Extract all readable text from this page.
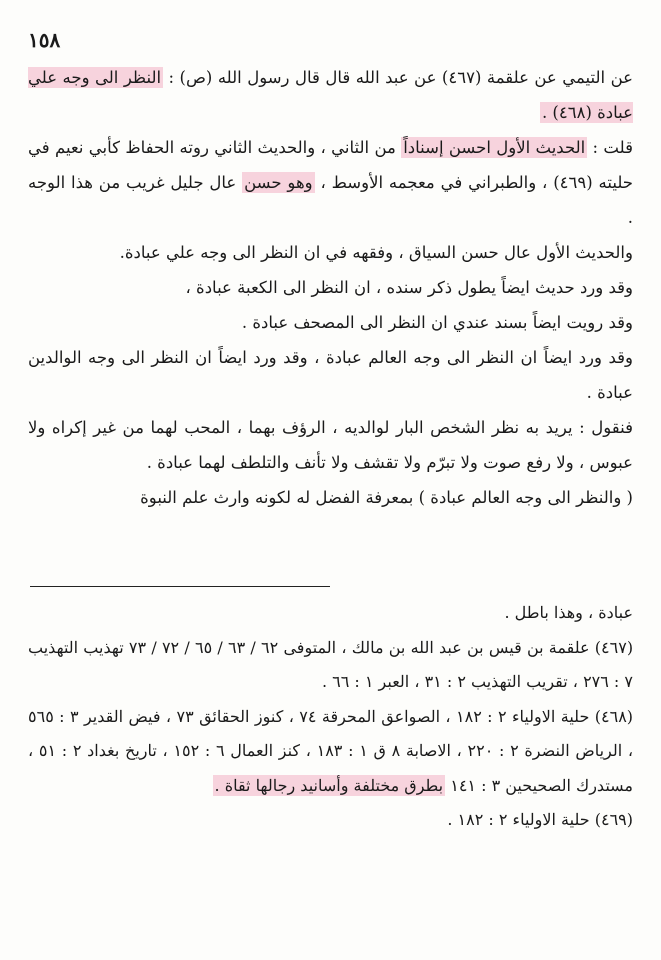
١٥٨

عن التيمي عن علقمة (٤٦٧) عن عبد الله قال قال رسول الله (ص) : النظر الى وجه علي عبادة (٤٦٨) .

قلت : الحديث الأول احسن إسناداً من الثاني ، والحديث الثاني روته الحفاظ كأبي نعيم في حليته (٤٦٩) ، والطبراني في معجمه الأوسط ، وهو حسن عال جليل غريب من هذا الوجه .

والحديث الأول عال حسن السياق ، وفقهه في ان النظر الى وجه علي عبادة.

وقد ورد حديث ايضاً يطول ذكر سنده ، ان النظر الى الكعبة عبادة ،

وقد رويت ايضاً بسند عندي ان النظر الى المصحف عبادة .

وقد ورد ايضاً ان النظر الى وجه العالم عبادة ، وقد ورد ايضاً ان النظر الى وجه الوالدين عبادة .

فنقول : يريد به نظر الشخص البار لوالديه ، الرؤف بهما ، المحب لهما من غير إكراه ولا عبوس ، ولا رفع صوت ولا تبرّم ولا تقشف ولا تأنف والتلطف لهما عبادة .

( والنظر الى وجه العالم عبادة ) بمعرفة الفضل له لكونه وارث علم النبوة

عبادة ، وهذا باطل .

(٤٦٧) علقمة بن قيس بن عبد الله بن مالك ، المتوفى ٦٢ / ٦٣ / ٦٥ / ٧٢ / ٧٣ تهذيب التهذيب ٧ : ٢٧٦ ، تقريب التهذيب ٢ : ٣١ ، العبر ١ : ٦٦ .

(٤٦٨) حلية الاولياء ٢ : ١٨٢ ، الصواعق المحرقة ٧٤ ، كنوز الحقائق ٧٣ ، فيض القدير ٣ : ٥٦٥ ، الرياض النضرة ٢ : ٢٢٠ ، الاصابة ٨ ق ١ : ١٨٣ ، كنز العمال ٦ : ١٥٢ ، تاريخ بغداد ٢ : ٥١ ، مستدرك الصحيحين ٣ : ١٤١ بطرق مختلفة وأسانيد رجالها ثقاة .

(٤٦٩) حلية الاولياء ٢ : ١٨٢ .
